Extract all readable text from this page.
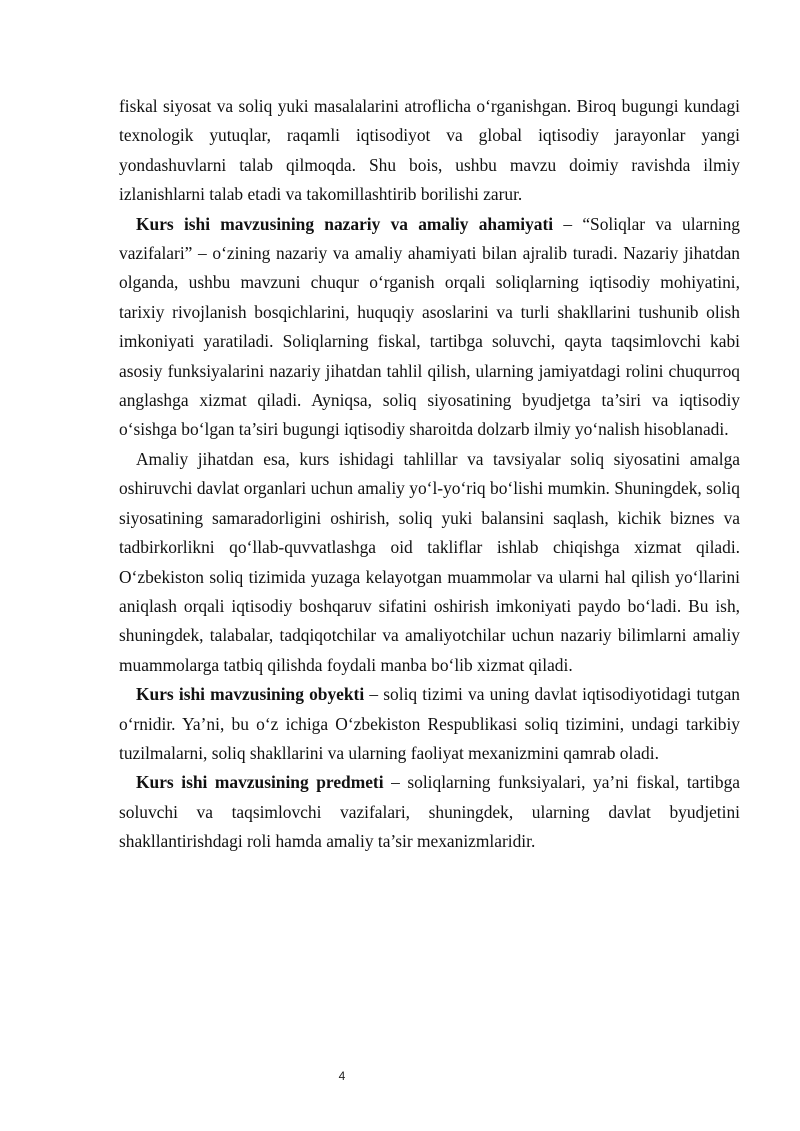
fiskal siyosat va soliq yuki masalalarini atroflicha o‘rganishgan. Biroq bugungi kundagi texnologik yutuqlar, raqamli iqtisodiyot va global iqtisodiy jarayonlar yangi yondashuvlarni talab qilmoqda. Shu bois, ushbu mavzu doimiy ravishda ilmiy izlanishlarni talab etadi va takomillashtirib borilishi zarur.

Kurs ishi mavzusining nazariy va amaliy ahamiyati – “Soliqlar va ularning vazifalari” – o‘zining nazariy va amaliy ahamiyati bilan ajralib turadi. Nazariy jihatdan olganda, ushbu mavzuni chuqur o‘rganish orqali soliqlarning iqtisodiy mohiyatini, tarixiy rivojlanish bosqichlarini, huquqiy asoslarini va turli shakllarini tushunib olish imkoniyati yaratiladi. Soliqlarning fiskal, tartibga soluvchi, qayta taqsimlovchi kabi asosiy funksiyalarini nazariy jihatdan tahlil qilish, ularning jamiyatdagi rolini chuqurroq anglashga xizmat qiladi. Ayniqsa, soliq siyosatining byudjetga ta’siri va iqtisodiy o‘sishga bo‘lgan ta’siri bugungi iqtisodiy sharoitda dolzarb ilmiy yo‘nalish hisoblanadi.

Amaliy jihatdan esa, kurs ishidagi tahlillar va tavsiyalar soliq siyosatini amalga oshiruvchi davlat organlari uchun amaliy yo‘l-yo‘riq bo‘lishi mumkin. Shuningdek, soliq siyosatining samaradorligini oshirish, soliq yuki balansini saqlash, kichik biznes va tadbirkorlikni qo‘llab-quvvatlashga oid takliflar ishlab chiqishga xizmat qiladi. O‘zbekiston soliq tizimida yuzaga kelayotgan muammolar va ularni hal qilish yo‘llarini aniqlash orqali iqtisodiy boshqaruv sifatini oshirish imkoniyati paydo bo‘ladi. Bu ish, shuningdek, talabalar, tadqiqotchilar va amaliyotchilar uchun nazariy bilimlarni amaliy muammolarga tatbiq qilishda foydali manba bo‘lib xizmat qiladi.

Kurs ishi mavzusining obyekti – soliq tizimi va uning davlat iqtisodiyotidagi tutgan o‘rnidir. Ya’ni, bu o‘z ichiga O‘zbekiston Respublikasi soliq tizimini, undagi tarkibiy tuzilmalarni, soliq shakllarini va ularning faoliyat mexanizmini qamrab oladi.

Kurs ishi mavzusining predmeti – soliqlarning funksiyalari, ya’ni fiskal, tartibga soluvchi va taqsimlovchi vazifalari, shuningdek, ularning davlat byudjetini shakllantirishdagi roli hamda amaliy ta’sir mexanizmlaridir.

4
